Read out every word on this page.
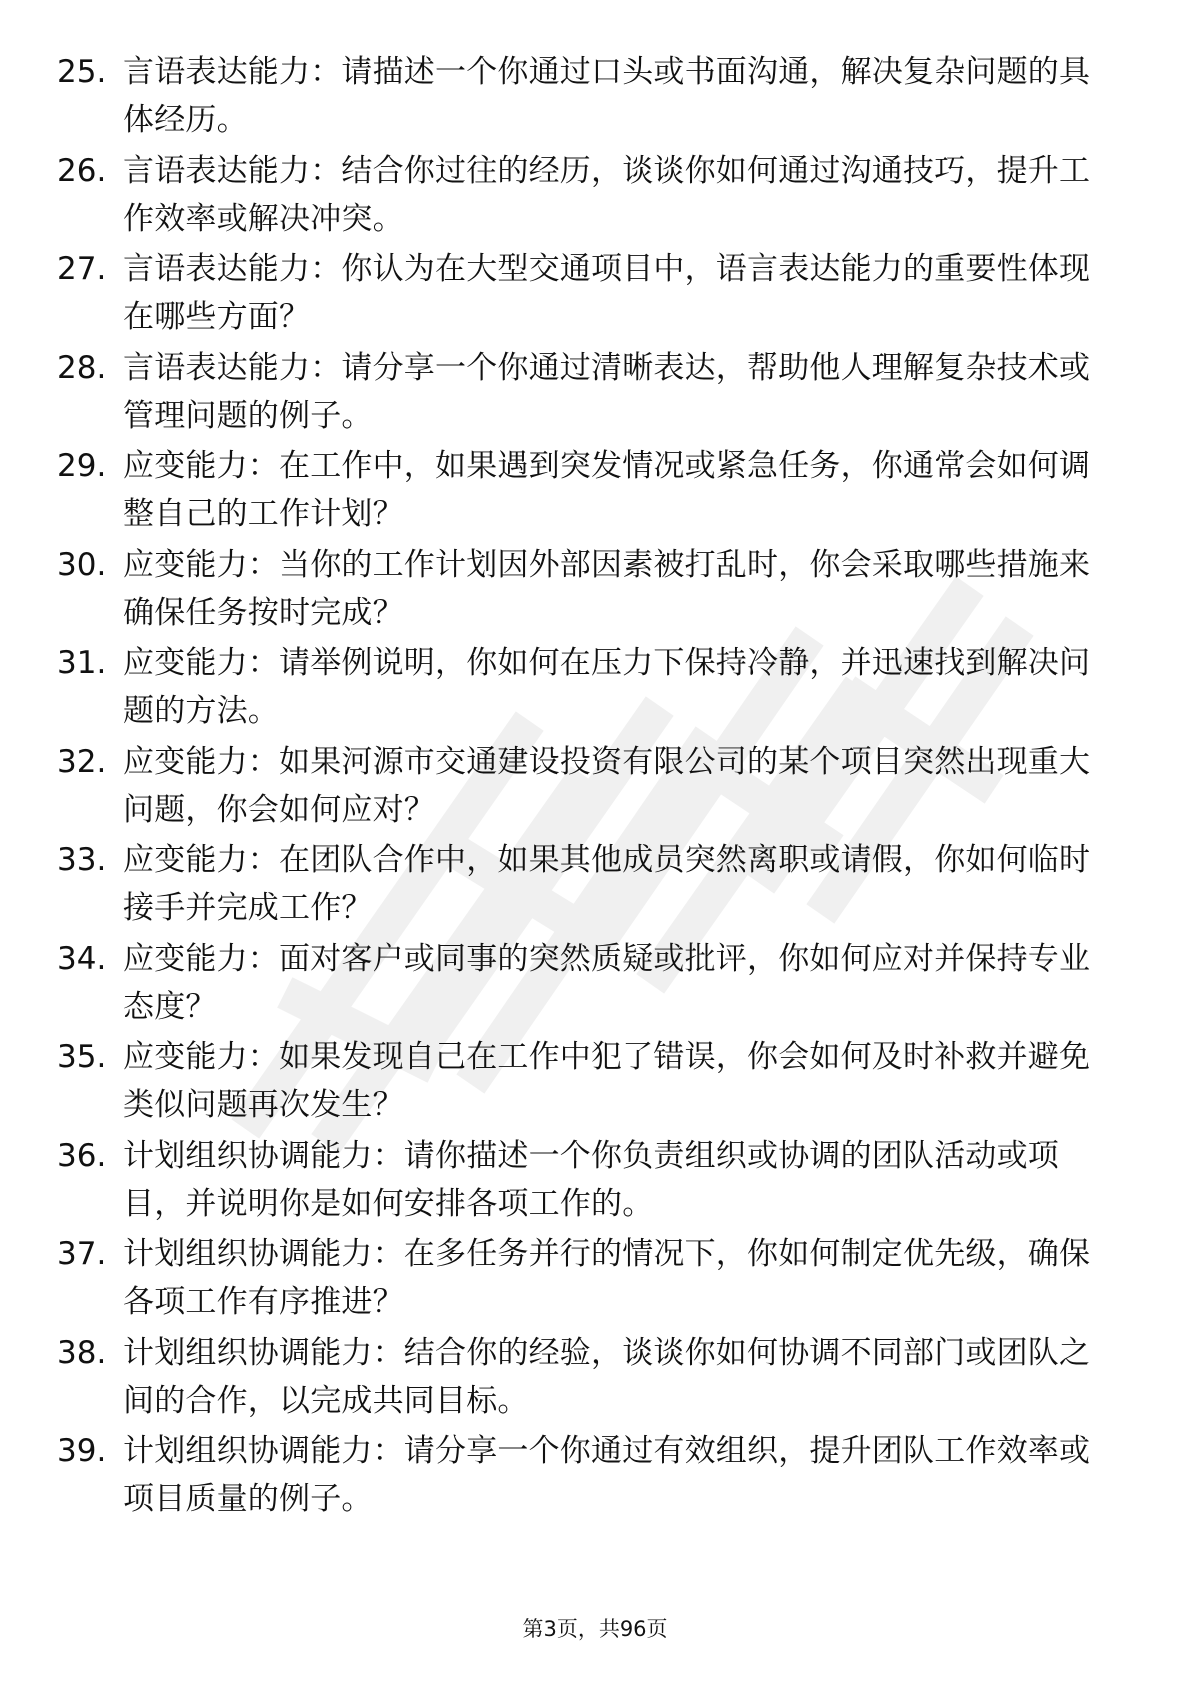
25. 言语表达能力：请描述一个你通过口头或书面沟通，解决复杂问题的具体经历。
26. 言语表达能力：结合你过往的经历，谈谈你如何通过沟通技巧，提升工作效率或解决冲突。
27. 言语表达能力：你认为在大型交通项目中，语言表达能力的重要性体现在哪些方面？
28. 言语表达能力：请分享一个你通过清晰表达，帮助他人理解复杂技术或管理问题的例子。
29. 应变能力：在工作中，如果遇到突发情况或紧急任务，你通常会如何调整自己的工作计划？
30. 应变能力：当你的工作计划因外部因素被打乱时，你会采取哪些措施来确保任务按时完成？
31. 应变能力：请举例说明，你如何在压力下保持冷静，并迅速找到解决问题的方法。
32. 应变能力：如果河源市交通建设投资有限公司的某个项目突然出现重大问题，你会如何应对？
33. 应变能力：在团队合作中，如果其他成员突然离职或请假，你如何临时接手并完成工作？
34. 应变能力：面对客户或同事的突然质疑或批评，你如何应对并保持专业态度？
35. 应变能力：如果发现自己在工作中犯了错误，你会如何及时补救并避免类似问题再次发生？
36. 计划组织协调能力：请你描述一个你负责组织或协调的团队活动或项目，并说明你是如何安排各项工作的。
37. 计划组织协调能力：在多任务并行的情况下，你如何制定优先级，确保各项工作有序推进？
38. 计划组织协调能力：结合你的经验，谈谈你如何协调不同部门或团队之间的合作，以完成共同目标。
39. 计划组织协调能力：请分享一个你通过有效组织，提升团队工作效率或项目质量的例子。
第3页，共96页
